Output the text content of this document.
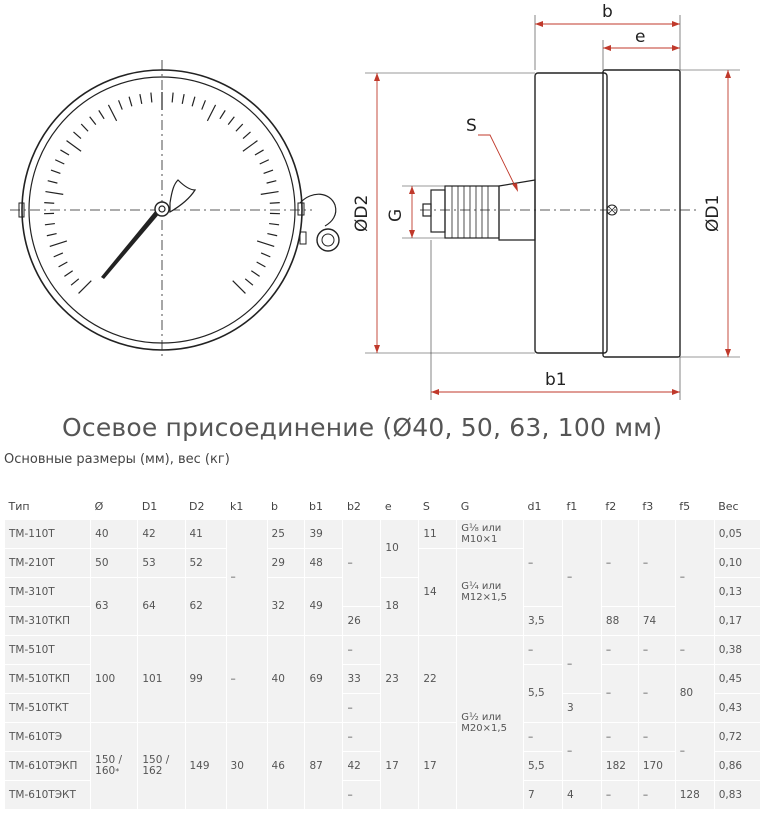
b
e
S
b1
G
ØD2	ØD1
Осевое присоединение (Ø40, 50, 63, 100 мм)
Основные размеры (мм), вес (кг)
Тип	Ø	D1	D2	k1	b	b1	b2	e	S	G	d1	f1	f2	f3	f5	Вес
ТМ-110Т	40	42	41	–	25	39	–	10	11	G¹⁄₈ или
M10×1	–	–	–	–	–	0,05
ТМ-210Т	50	53	52		29	48			14	G¹⁄₄ или
M12×1,5						0,10
ТМ-310Т	63	64	62		32	49		18								0,13
ТМ-310ТКП							26				3,5		88	74		0,17
ТМ-510Т	100	101	99	–	40	69	–	23	22	G¹⁄₂ или
M20×1,5	–	–	–	–	–	0,38
ТМ-510ТКП							33				5,5		–	–	80	0,45
ТМ-510ТКТ							–					3				0,43
ТМ-610ТЭ	150 /
160*	150 /
162	149	30	46	87	–	17	17		–	–	–	–	–	0,72
ТМ-610ТЭКП							42				5,5		182	170		0,86
ТМ-610ТЭКТ							–				7	4	–	–	128	0,83
